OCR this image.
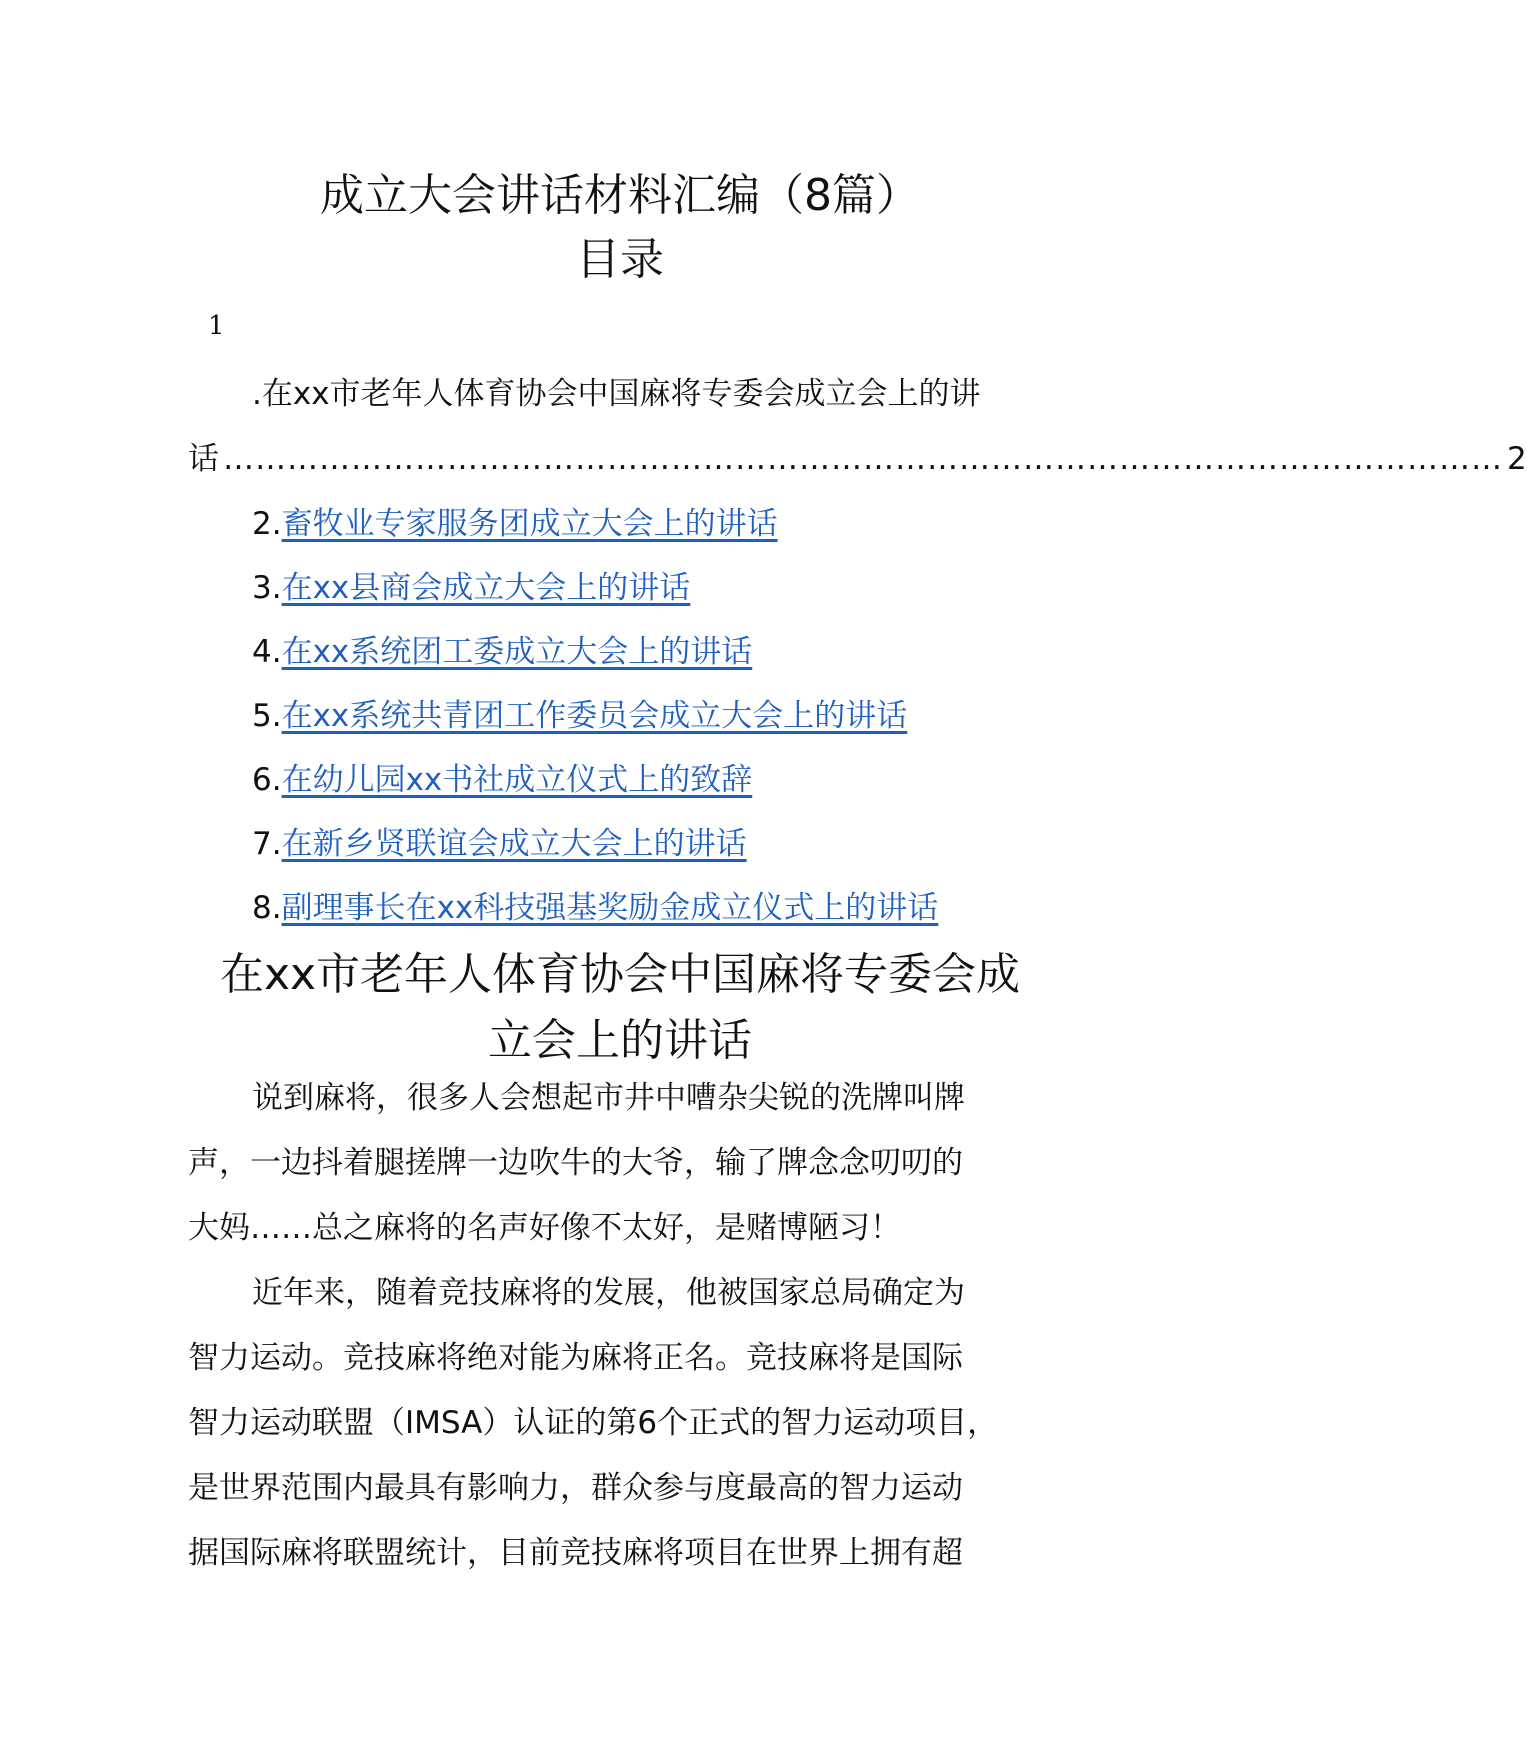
成立大会讲话材料汇编（8篇）
目录
1
.在xx市老年人体育协会中国麻将专委会成立会上的讲
话 ………………………………………………………………………………………………………… 2
2.畜牧业专家服务团成立大会上的讲话
3.在xx县商会成立大会上的讲话
4.在xx系统团工委成立大会上的讲话
5.在xx系统共青团工作委员会成立大会上的讲话
6.在幼儿园xx书社成立仪式上的致辞
7.在新乡贤联谊会成立大会上的讲话
8.副理事长在xx科技强基奖励金成立仪式上的讲话
在xx市老年人体育协会中国麻将专委会成
立会上的讲话
说到麻将，很多人会想起市井中嘈杂尖锐的洗牌叫牌
声，一边抖着腿搓牌一边吹牛的大爷，输了牌念念叨叨的
大妈……总之麻将的名声好像不太好，是赌博陋习！
近年来，随着竞技麻将的发展，他被国家总局确定为
智力运动。竞技麻将绝对能为麻将正名。竞技麻将是国际
智力运动联盟（IMSA）认证的第6个正式的智力运动项目，
是世界范围内最具有影响力，群众参与度最高的智力运动
据国际麻将联盟统计，目前竞技麻将项目在世界上拥有超
